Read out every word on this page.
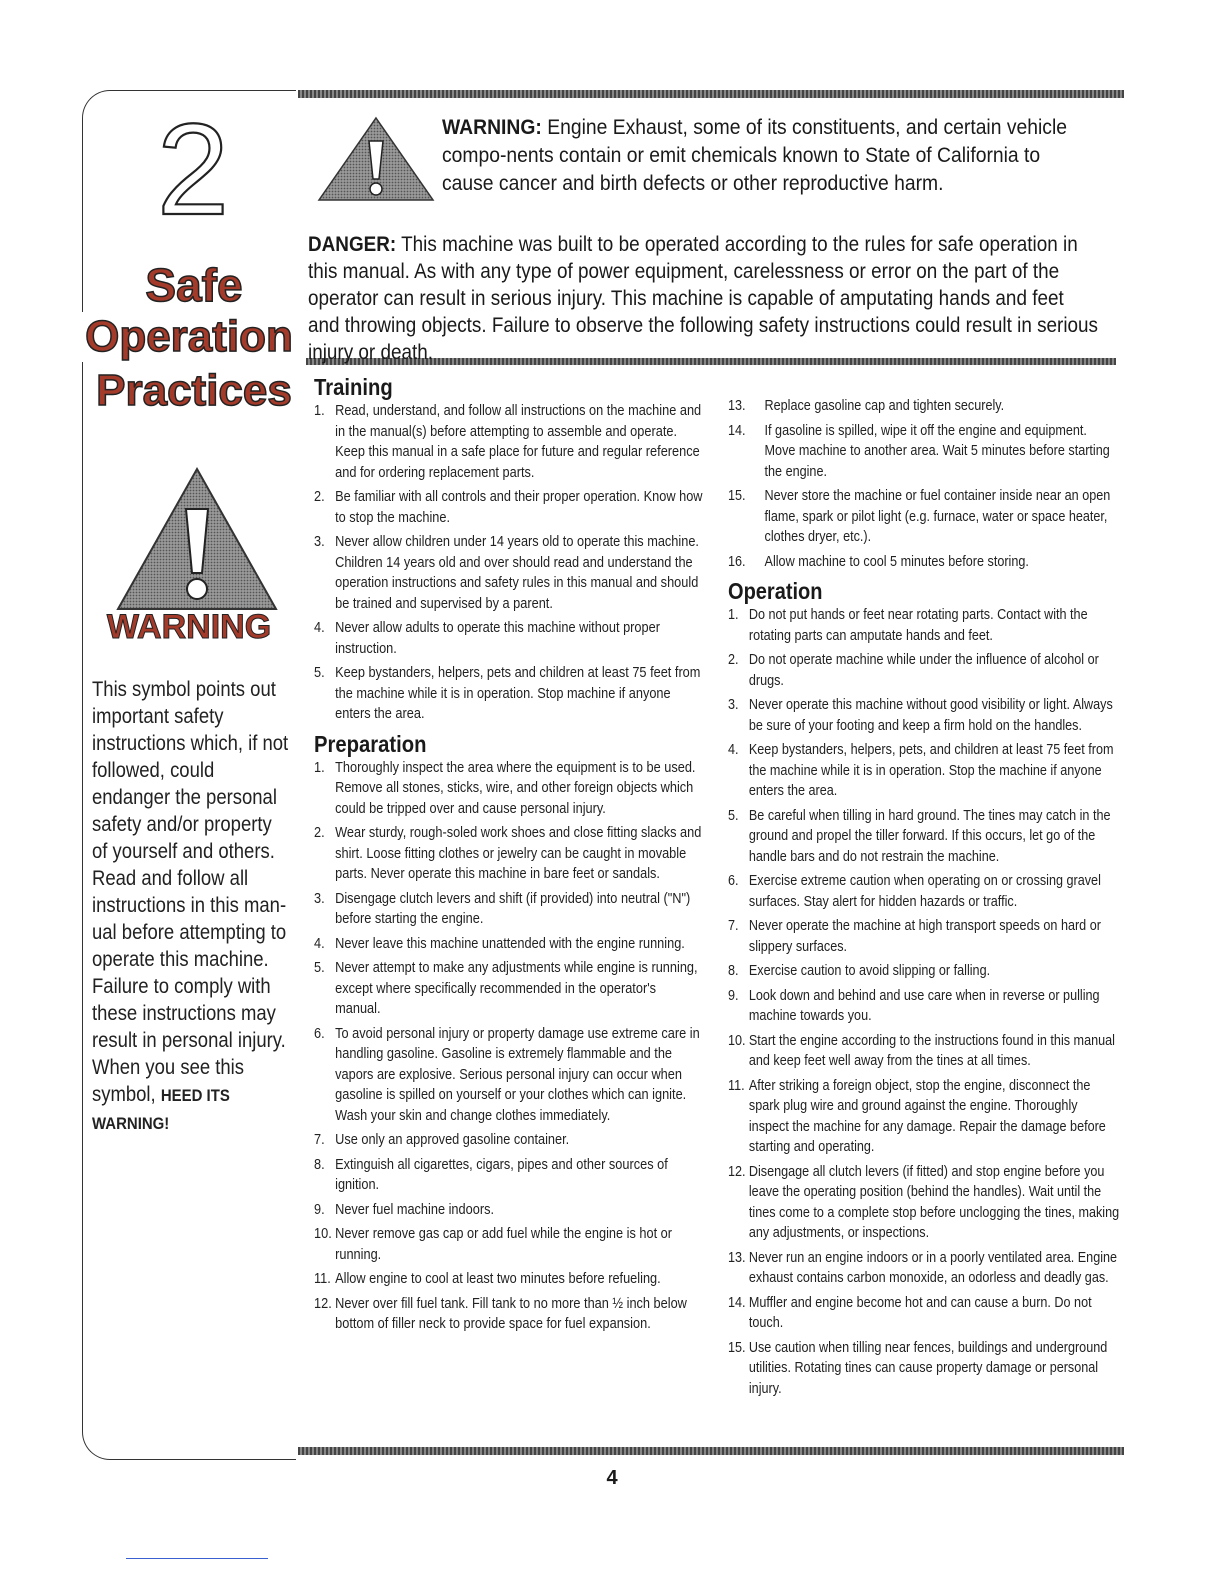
2
Safe
Operation
Practices
WARNING
This symbol points out important safety instructions which, if not followed, could endanger the personal safety and/or property of yourself and others. Read and follow all instructions in this man-ual before attempting to operate this machine. Failure to comply with these instructions may result in personal injury. When you see this symbol, HEED ITS WARNING!
WARNING: Engine Exhaust, some of its constituents, and certain vehicle compo-nents contain or emit chemicals known to State of California to cause cancer and birth defects or other reproductive harm.
DANGER: This machine was built to be operated according to the rules for safe operation in this manual. As with any type of power equipment, carelessness or error on the part of the operator can result in serious injury. This machine is capable of amputating hands and feet and throwing objects. Failure to observe the following safety instructions could result in serious injury or death.
Training
1. Read, understand, and follow all instructions on the machine and in the manual(s) before attempting to assemble and operate. Keep this manual in a safe place for future and regular reference and for ordering replacement parts.
2. Be familiar with all controls and their proper operation. Know how to stop the machine.
3. Never allow children under 14 years old to operate this machine. Children 14 years old and over should read and understand the operation instructions and safety rules in this manual and should be trained and supervised by a parent.
4. Never allow adults to operate this machine without proper instruction.
5. Keep bystanders, helpers, pets and children at least 75 feet from the machine while it is in operation. Stop machine if anyone enters the area.
Preparation
1. Thoroughly inspect the area where the equipment is to be used. Remove all stones, sticks, wire, and other foreign objects which could be tripped over and cause personal injury.
2. Wear sturdy, rough-soled work shoes and close fitting slacks and shirt. Loose fitting clothes or jewelry can be caught in movable parts. Never operate this machine in bare feet or sandals.
3. Disengage clutch levers and shift (if provided) into neutral ("N") before starting the engine.
4. Never leave this machine unattended with the engine running.
5. Never attempt to make any adjustments while engine is running, except where specifically recommended in the operator's manual.
6. To avoid personal injury or property damage use extreme care in handling gasoline. Gasoline is extremely flammable and the vapors are explosive. Serious personal injury can occur when gasoline is spilled on yourself or your clothes which can ignite. Wash your skin and change clothes immediately.
7. Use only an approved gasoline container.
8. Extinguish all cigarettes, cigars, pipes and other sources of ignition.
9. Never fuel machine indoors.
10. Never remove gas cap or add fuel while the engine is hot or running.
11. Allow engine to cool at least two minutes before refueling.
12. Never over fill fuel tank. Fill tank to no more than ½ inch below bottom of filler neck to provide space for fuel expansion.
13.	Replace gasoline cap and tighten securely.
14.	If gasoline is spilled, wipe it off the engine and equipment. Move machine to another area. Wait 5 minutes before starting the engine.
15.	Never store the machine or fuel container inside near an open flame, spark or pilot light (e.g. furnace, water or space heater, clothes dryer, etc.).
16.	Allow machine to cool 5 minutes before storing.
Operation
1. Do not put hands or feet near rotating parts. Contact with the rotating parts can amputate hands and feet.
2. Do not operate machine while under the influence of alcohol or drugs.
3. Never operate this machine without good visibility or light. Always be sure of your footing and keep a firm hold on the handles.
4. Keep bystanders, helpers, pets, and children at least 75 feet from the machine while it is in operation. Stop the machine if anyone enters the area.
5. Be careful when tilling in hard ground. The tines may catch in the ground and propel the tiller forward. If this occurs, let go of the handle bars and do not restrain the machine.
6. Exercise extreme caution when operating on or crossing gravel surfaces. Stay alert for hidden hazards or traffic.
7. Never operate the machine at high transport speeds on hard or slippery surfaces.
8. Exercise caution to avoid slipping or falling.
9. Look down and behind and use care when in reverse or pulling machine towards you.
10. Start the engine according to the instructions found in this manual and keep feet well away from the tines at all times.
11. After striking a foreign object, stop the engine, disconnect the spark plug wire and ground against the engine. Thoroughly inspect the machine for any damage. Repair the damage before starting and operating.
12. Disengage all clutch levers (if fitted) and stop engine before you leave the operating position (behind the handles). Wait until the tines come to a complete stop before unclogging the tines, making any adjustments, or inspections.
13. Never run an engine indoors or in a poorly ventilated area. Engine exhaust contains carbon monoxide, an odorless and deadly gas.
14. Muffler and engine become hot and can cause a burn. Do not touch.
15. Use caution when tilling near fences, buildings and underground utilities. Rotating tines can cause property damage or personal injury.
4
